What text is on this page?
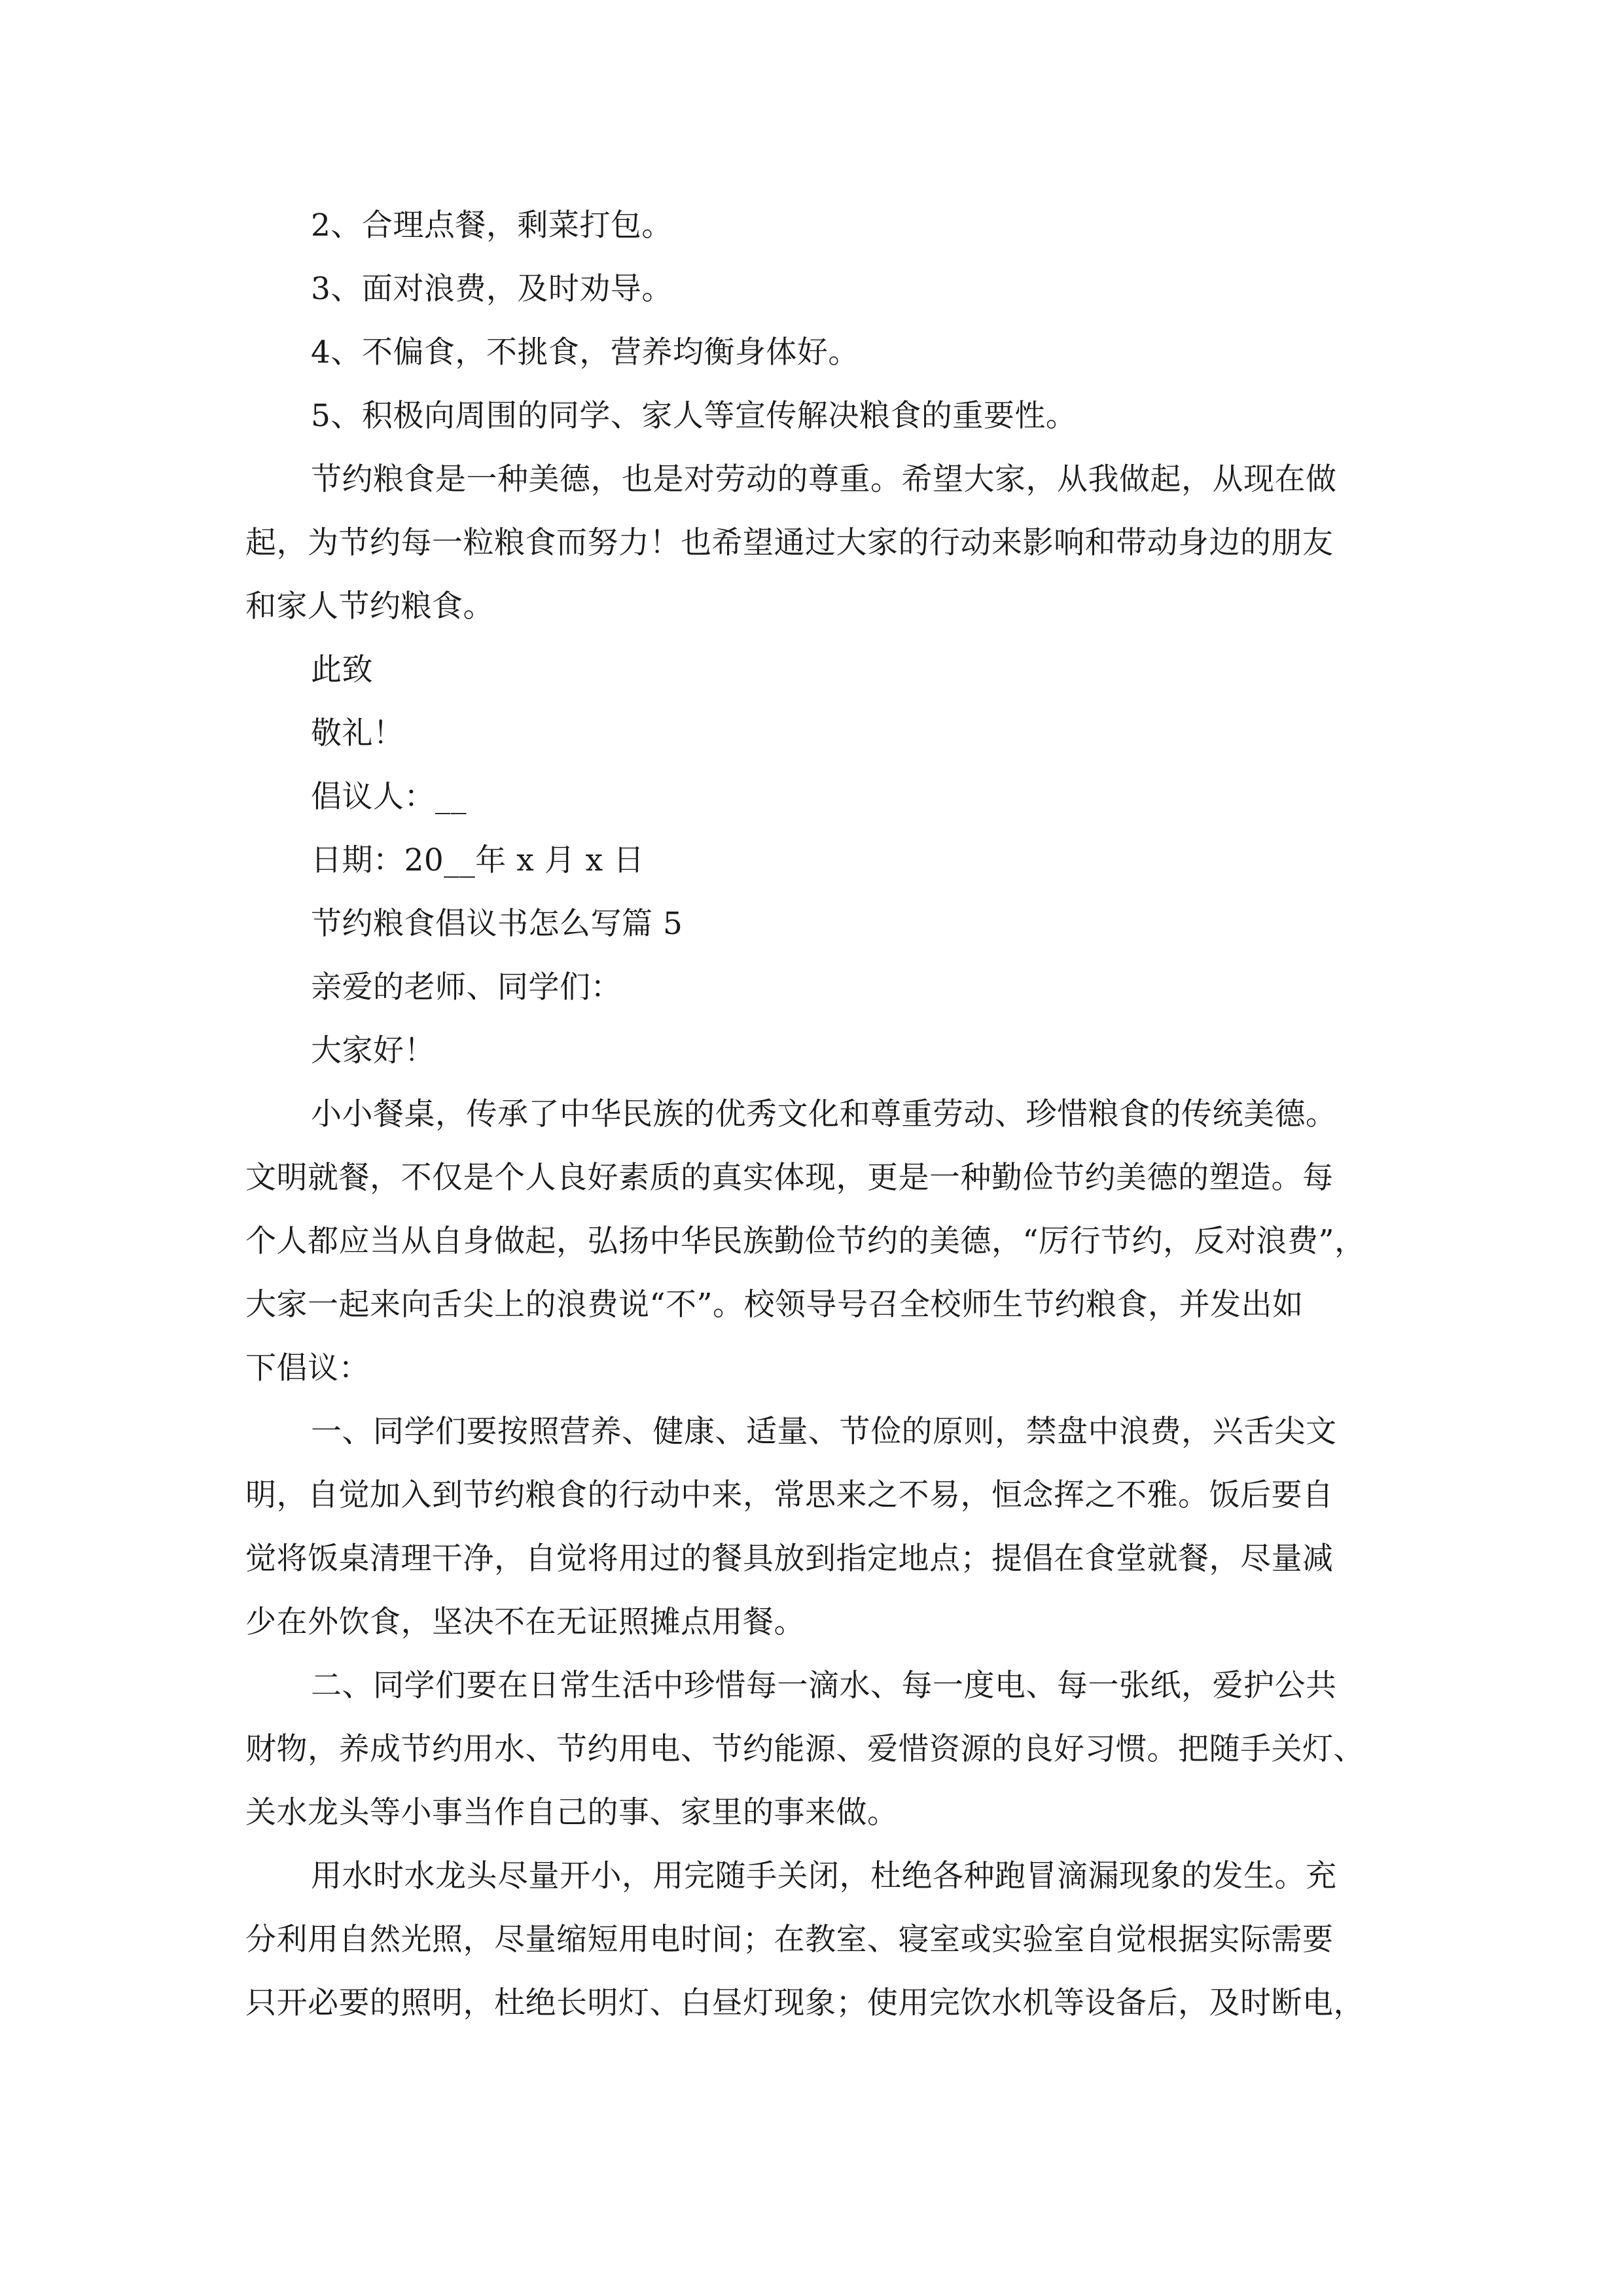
2、合理点餐，剩菜打包。
3、面对浪费，及时劝导。
4、不偏食，不挑食，营养均衡身体好。
5、积极向周围的同学、家人等宣传解决粮食的重要性。
节约粮食是一种美德，也是对劳动的尊重。希望大家，从我做起，从现在做
起，为节约每一粒粮食而努力！也希望通过大家的行动来影响和带动身边的朋友
和家人节约粮食。
此致
敬礼！
倡议人：__
日期：20__年 x 月 x 日
节约粮食倡议书怎么写篇 5
亲爱的老师、同学们：
大家好！
小小餐桌，传承了中华民族的优秀文化和尊重劳动、珍惜粮食的传统美德。
文明就餐，不仅是个人良好素质的真实体现，更是一种勤俭节约美德的塑造。每
个人都应当从自身做起，弘扬中华民族勤俭节约的美德，“厉行节约，反对浪费”，
大家一起来向舌尖上的浪费说“不”。校领导号召全校师生节约粮食，并发出如
下倡议：
一、同学们要按照营养、健康、适量、节俭的原则，禁盘中浪费，兴舌尖文
明，自觉加入到节约粮食的行动中来，常思来之不易，恒念挥之不雅。饭后要自
觉将饭桌清理干净，自觉将用过的餐具放到指定地点；提倡在食堂就餐，尽量减
少在外饮食，坚决不在无证照摊点用餐。
二、同学们要在日常生活中珍惜每一滴水、每一度电、每一张纸，爱护公共
财物，养成节约用水、节约用电、节约能源、爱惜资源的良好习惯。把随手关灯、
关水龙头等小事当作自己的事、家里的事来做。
用水时水龙头尽量开小，用完随手关闭，杜绝各种跑冒滴漏现象的发生。充
分利用自然光照，尽量缩短用电时间；在教室、寝室或实验室自觉根据实际需要
只开必要的照明，杜绝长明灯、白昼灯现象；使用完饮水机等设备后，及时断电，
